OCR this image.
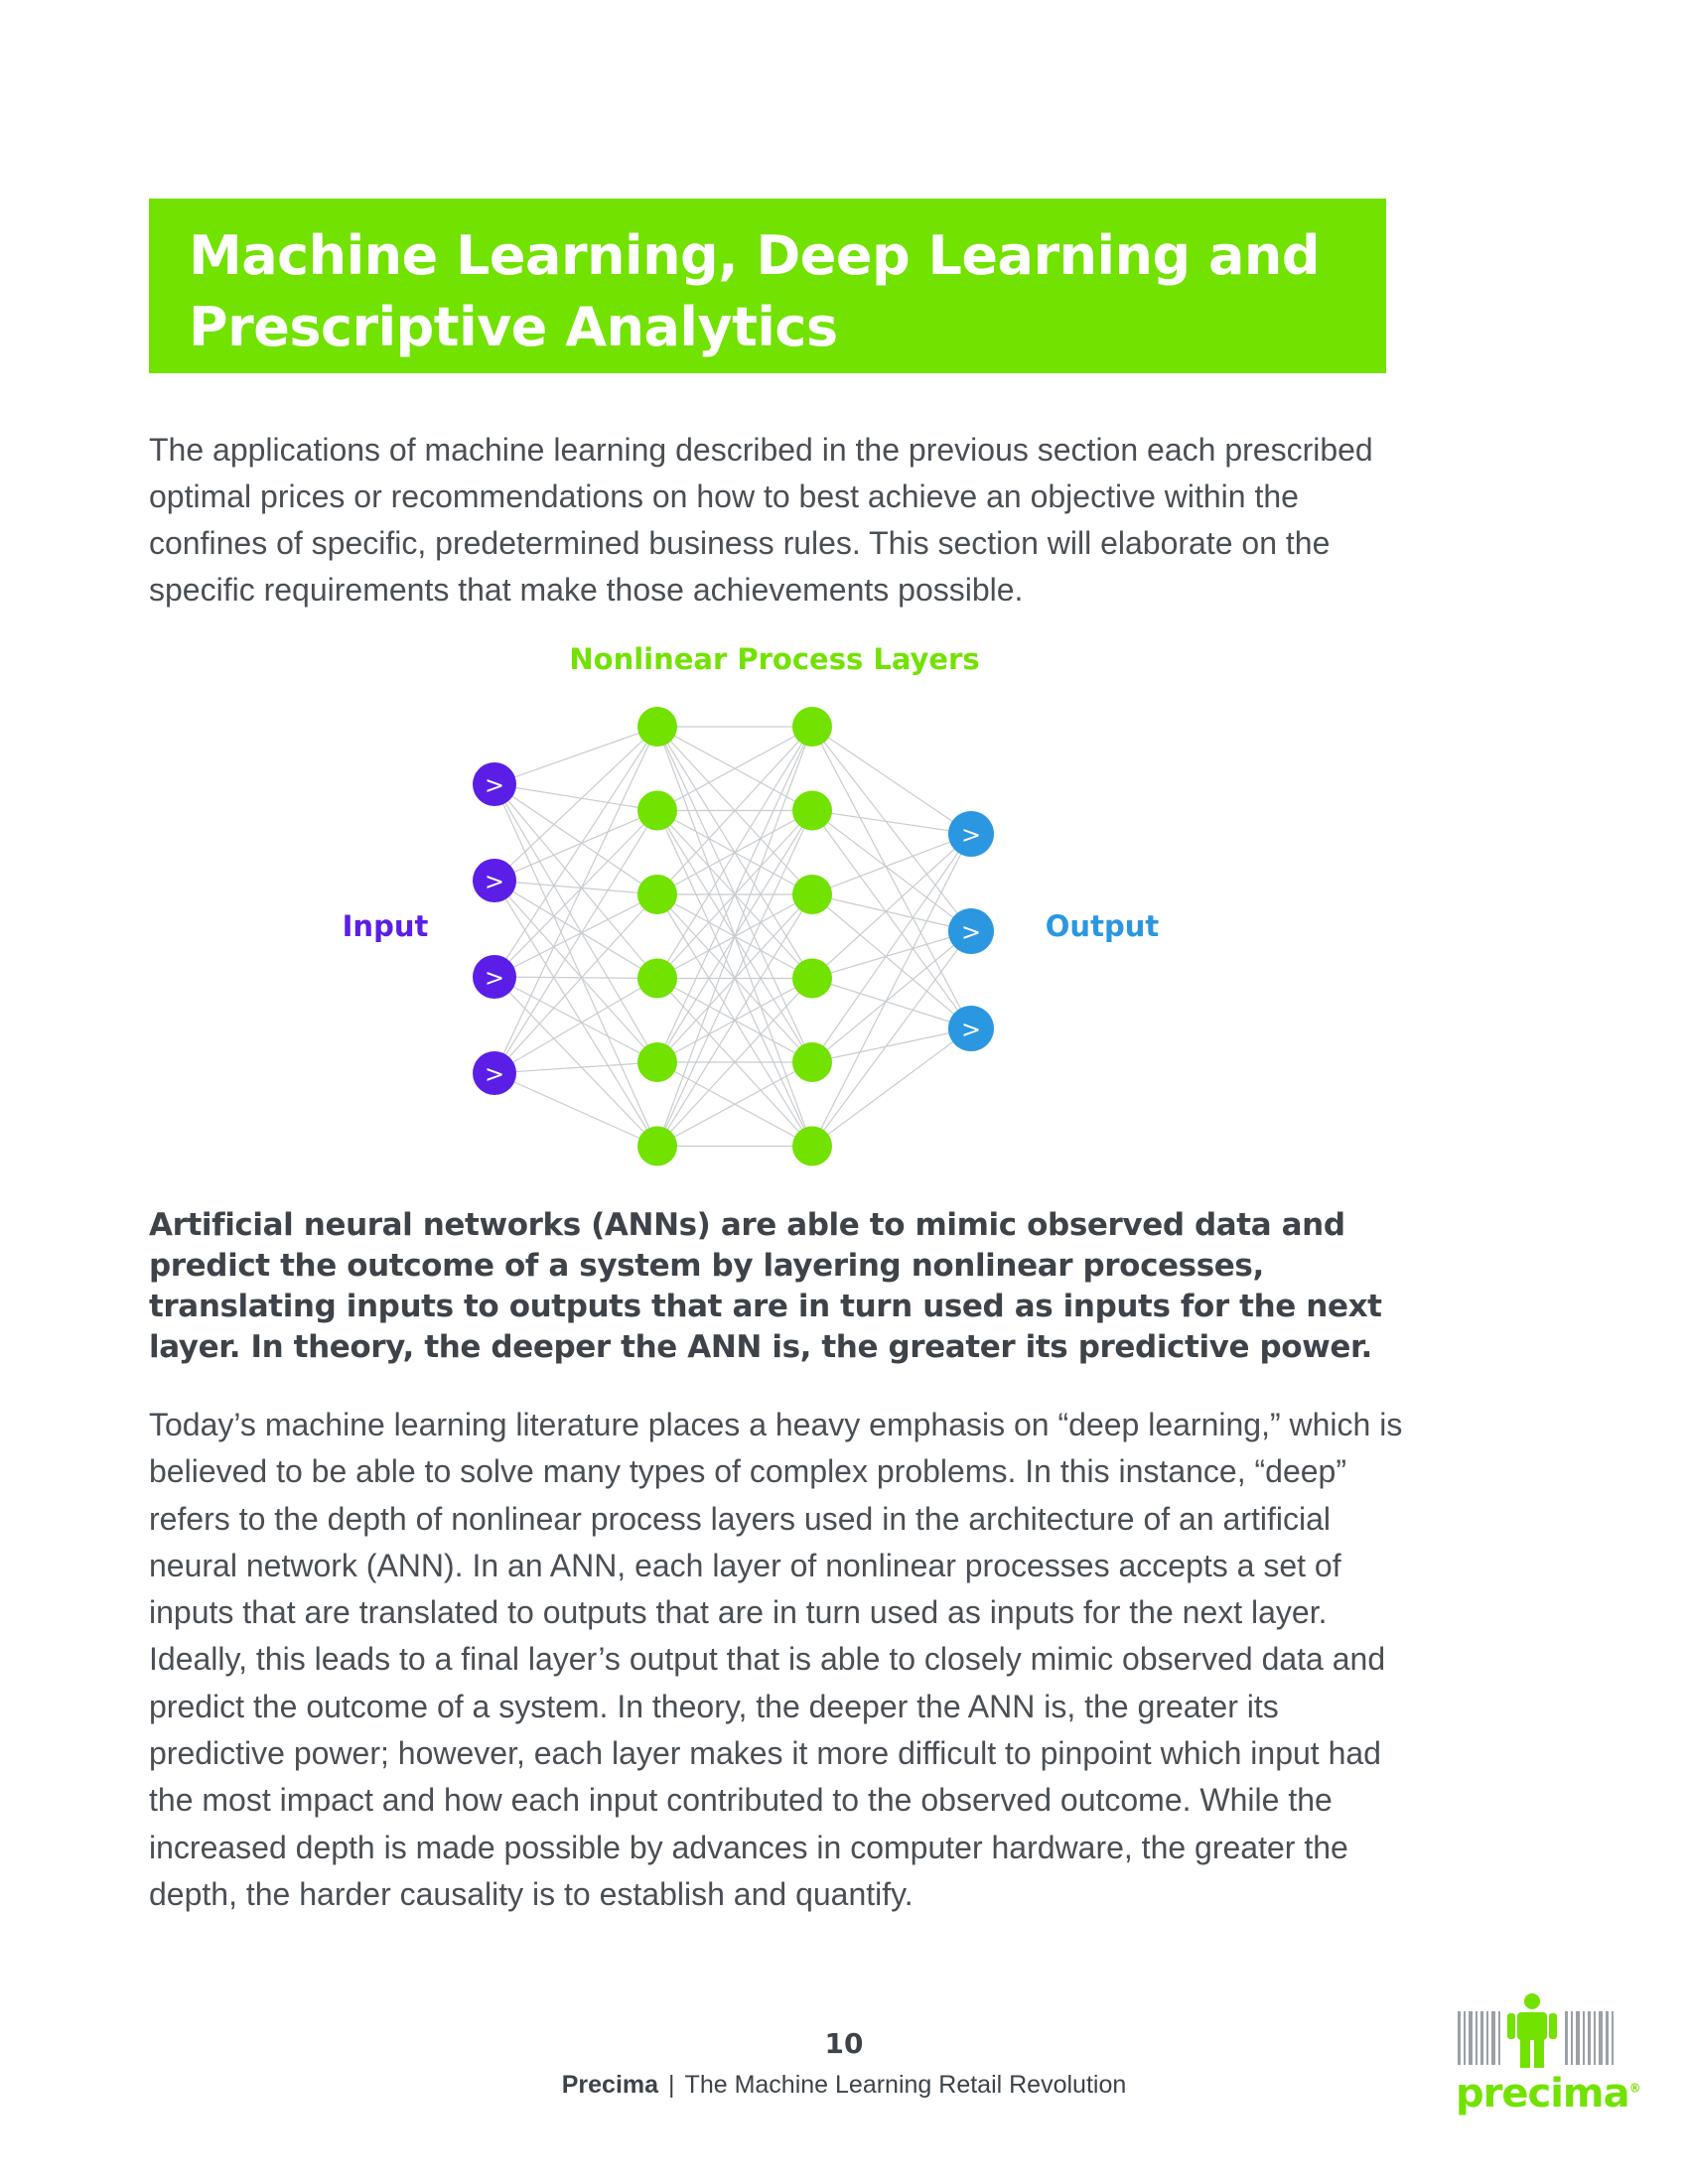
Machine Learning, Deep Learning and
Prescriptive Analytics

The applications of machine learning described in the previous section each prescribed optimal prices or recommendations on how to best achieve an objective within the confines of specific, predetermined business rules. This section will elaborate on the specific requirements that make those achievements possible.

>
>
>
>
>
>
>
Nonlinear Process Layers
Input	Output

Artificial neural networks (ANNs) are able to mimic observed data and predict the outcome of a system by layering nonlinear processes, translating inputs to outputs that are in turn used as inputs for the next layer. In theory, the deeper the ANN is, the greater its predictive power.

Today’s machine learning literature places a heavy emphasis on “deep learning,” which is believed to be able to solve many types of complex problems. In this instance, “deep” refers to the depth of nonlinear process layers used in the architecture of an artificial neural network (ANN). In an ANN, each layer of nonlinear processes accepts a set of inputs that are translated to outputs that are in turn used as inputs for the next layer. Ideally, this leads to a final layer’s output that is able to closely mimic observed data and predict the outcome of a system. In theory, the deeper the ANN is, the greater its predictive power; however, each layer makes it more difficult to pinpoint which input had the most impact and how each input contributed to the observed outcome. While the increased depth is made possible by advances in computer hardware, the greater the depth, the harder causality is to establish and quantify.

10
Precima | The Machine Learning Retail Revolution	precima®
